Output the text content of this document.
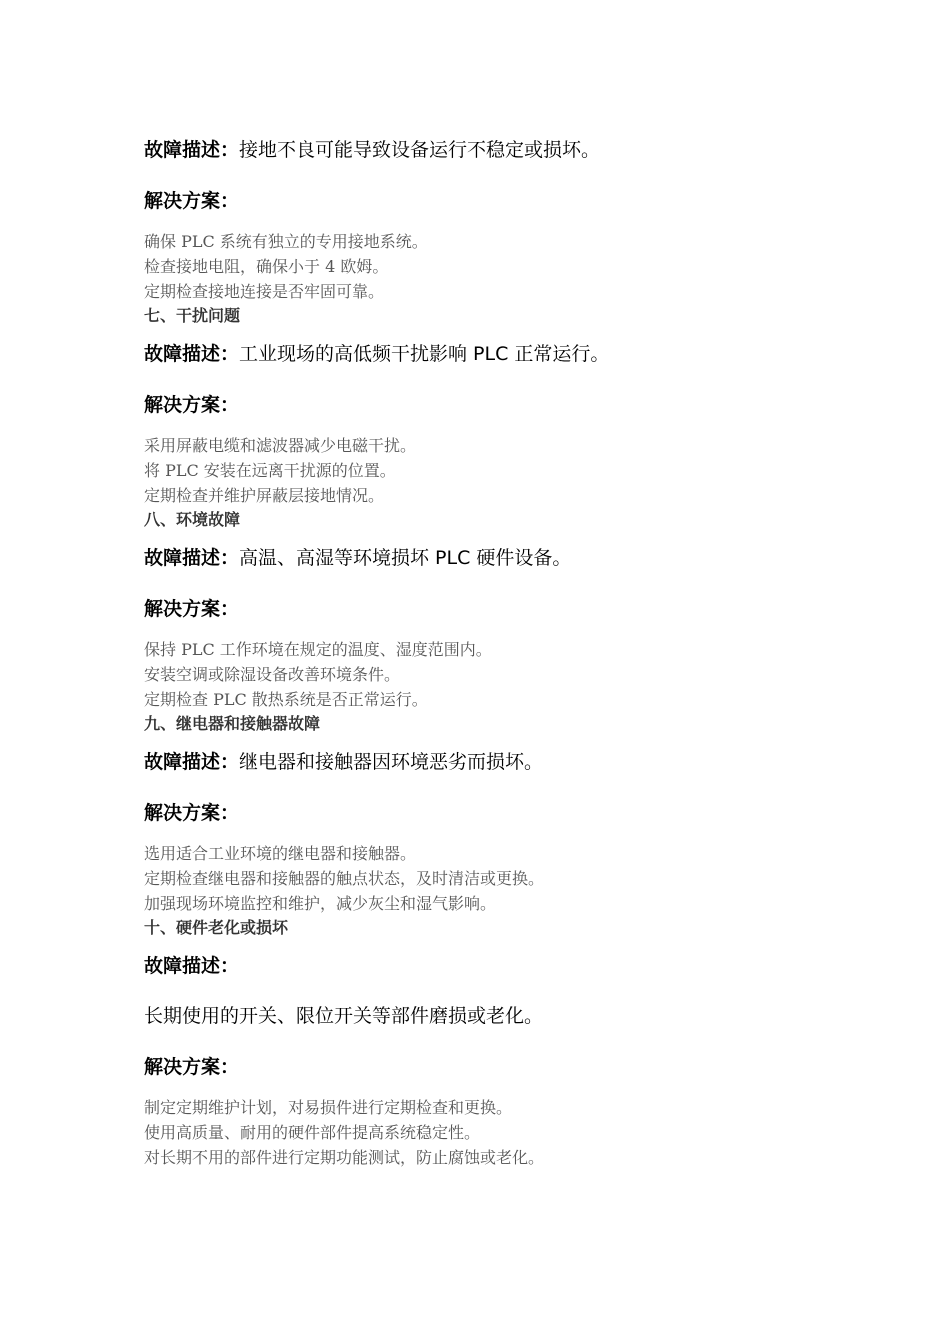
故障描述：接地不良可能导致设备运行不稳定或损坏。
解决方案：
确保 PLC 系统有独立的专用接地系统。
检查接地电阻，确保小于 4 欧姆。
定期检查接地连接是否牢固可靠。
七、干扰问题
故障描述：工业现场的高低频干扰影响 PLC 正常运行。
解决方案：
采用屏蔽电缆和滤波器减少电磁干扰。
将 PLC 安装在远离干扰源的位置。
定期检查并维护屏蔽层接地情况。
八、环境故障
故障描述：高温、高湿等环境损坏 PLC 硬件设备。
解决方案：
保持 PLC 工作环境在规定的温度、湿度范围内。
安装空调或除湿设备改善环境条件。
定期检查 PLC 散热系统是否正常运行。
九、继电器和接触器故障
故障描述：继电器和接触器因环境恶劣而损坏。
解决方案：
选用适合工业环境的继电器和接触器。
定期检查继电器和接触器的触点状态，及时清洁或更换。
加强现场环境监控和维护，减少灰尘和湿气影响。
十、硬件老化或损坏
故障描述：
长期使用的开关、限位开关等部件磨损或老化。
解决方案：
制定定期维护计划，对易损件进行定期检查和更换。
使用高质量、耐用的硬件部件提高系统稳定性。
对长期不用的部件进行定期功能测试，防止腐蚀或老化。
